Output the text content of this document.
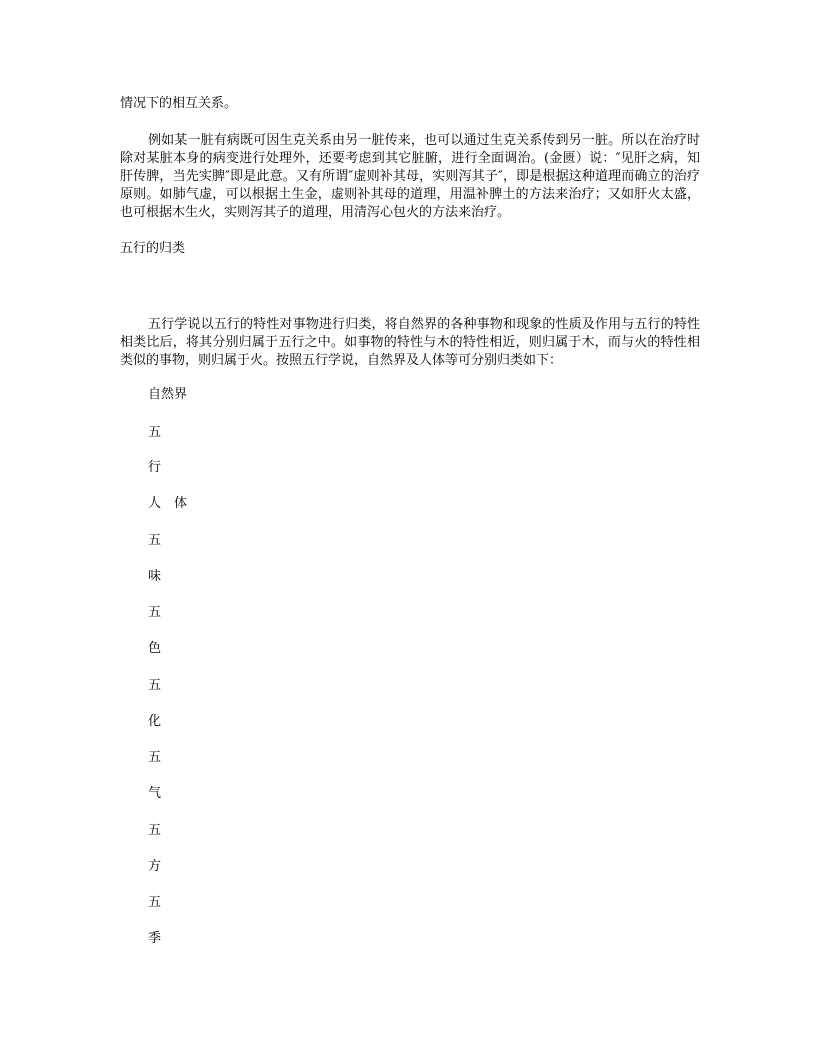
情况下的相互关系。

例如某一脏有病既可因生克关系由另一脏传来，也可以通过生克关系传到另一脏。所以在治疗时除对某脏本身的病变进行处理外，还要考虑到其它脏腑，进行全面调治。(金匮）说：″见肝之病，知肝传脾，当先实脾″即是此意。又有所谓″虚则补其母，实则泻其子″，即是根据这种道理而确立的治疗原则。如肺气虚，可以根据土生金，虚则补其母的道理，用温补脾土的方法来治疗；又如肝火太盛，也可根据木生火，实则泻其子的道理，用清泻心包火的方法来治疗。

五行的归类

五行学说以五行的特性对事物进行归类，将自然界的各种事物和现象的性质及作用与五行的特性相类比后，将其分别归属于五行之中。如事物的特性与木的特性相近，则归属于木，而与火的特性相类似的事物，则归属于火。按照五行学说，自然界及人体等可分别归类如下：

自然界

五

行

人　体

五

味

五

色

五

化

五

气

五

方

五

季
